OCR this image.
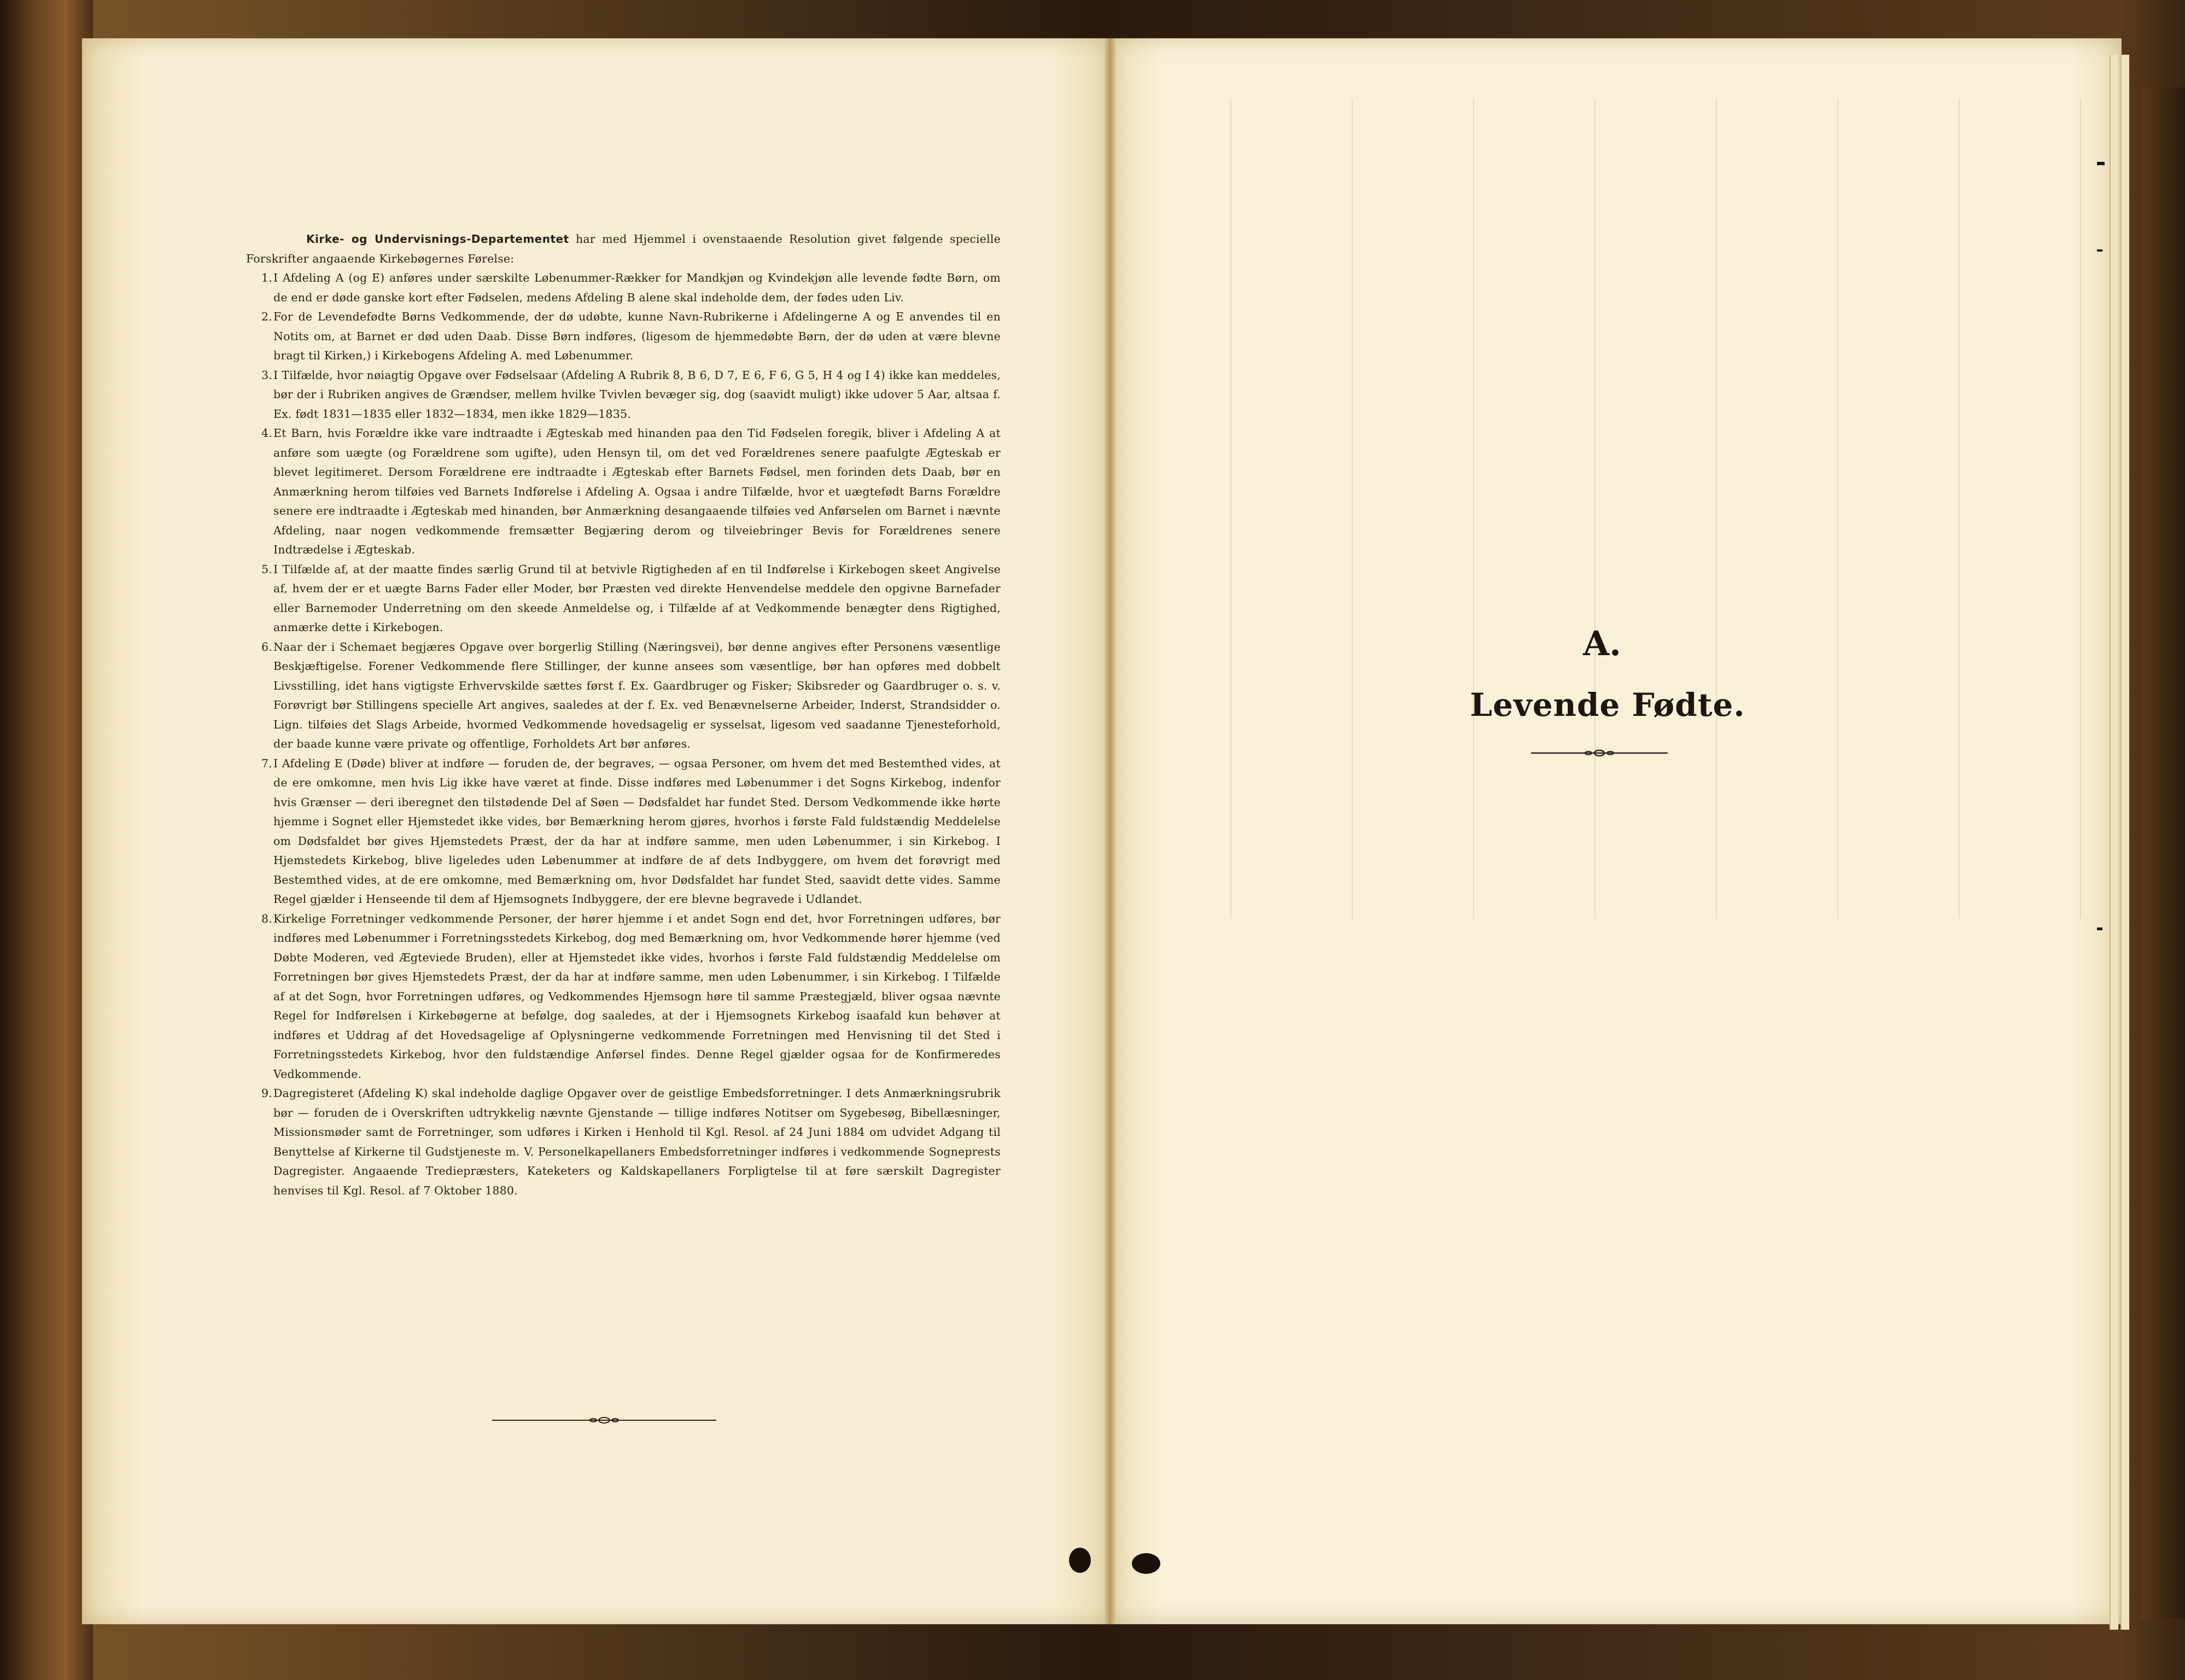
Kirke- og Undervisnings-Departementet har med Hjemmel i ovenstaaende Resolution givet følgende specielle Forskrifter angaaende Kirkebøgernes Førelse:

1. I Afdeling A (og E) anføres under særskilte Løbenummer-Rækker for Mandkjøn og Kvindekjøn alle levende fødte Børn, om de end er døde ganske kort efter Fødselen, medens Afdeling B alene skal indeholde dem, der fødes uden Liv.

2. For de Levendefødte Børns Vedkommende, der dø udøbte, kunne Navn-Rubrikerne i Afdelingerne A og E anvendes til en Notits om, at Barnet er død uden Daab. Disse Børn indføres, (ligesom de hjemmedøbte Børn, der dø uden at være blevne bragt til Kirken,) i Kirkebogens Afdeling A. med Løbenummer.

3. I Tilfælde, hvor nøiagtig Opgave over Fødselsaar (Afdeling A Rubrik 8, B 6, D 7, E 6, F 6, G 5, H 4 og I 4) ikke kan meddeles, bør der i Rubriken angives de Grændser, mellem hvilke Tvivlen bevæger sig, dog (saavidt muligt) ikke udover 5 Aar, altsaa f. Ex. født 1831—1835 eller 1832—1834, men ikke 1829—1835.

4. Et Barn, hvis Forældre ikke vare indtraadte i Ægteskab med hinanden paa den Tid Fødselen foregik, bliver i Afdeling A at anføre som uægte (og Forældrene som ugifte), uden Hensyn til, om det ved Forældrenes senere paafulgte Ægteskab er blevet legitimeret. Dersom Forældrene ere indtraadte i Ægteskab efter Barnets Fødsel, men forinden dets Daab, bør en Anmærkning herom tilføies ved Barnets Indførelse i Afdeling A. Ogsaa i andre Tilfælde, hvor et uægtefødt Barns Forældre senere ere indtraadte i Ægteskab med hinanden, bør Anmærkning desangaaende tilføies ved Anførselen om Barnet i nævnte Afdeling, naar nogen vedkommende fremsætter Begjæring derom og tilveiebringer Bevis for Forældrenes senere Indtrædelse i Ægteskab.

5. I Tilfælde af, at der maatte findes særlig Grund til at betvivle Rigtigheden af en til Indførelse i Kirkebogen skeet Angivelse af, hvem der er et uægte Barns Fader eller Moder, bør Præsten ved direkte Henvendelse meddele den opgivne Barnefader eller Barnemoder Underretning om den skeede Anmeldelse og, i Tilfælde af at Vedkommende benægter dens Rigtighed, anmærke dette i Kirkebogen.

6. Naar der i Schemaet begjæres Opgave over borgerlig Stilling (Næringsvei), bør denne angives efter Personens væsentlige Beskjæftigelse. Forener Vedkommende flere Stillinger, der kunne ansees som væsentlige, bør han opføres med dobbelt Livsstilling, idet hans vigtigste Erhvervskilde sættes først f. Ex. Gaardbruger og Fisker; Skibsreder og Gaardbruger o. s. v. Forøvrigt bør Stillingens specielle Art angives, saaledes at der f. Ex. ved Benævnelserne Arbeider, Inderst, Strandsidder o. Lign. tilføies det Slags Arbeide, hvormed Vedkommende hovedsagelig er sysselsat, ligesom ved saadanne Tjenesteforhold, der baade kunne være private og offentlige, Forholdets Art bør anføres.

7. I Afdeling E (Døde) bliver at indføre — foruden de, der begraves, — ogsaa Personer, om hvem det med Bestemthed vides, at de ere omkomne, men hvis Lig ikke have været at finde. Disse indføres med Løbenummer i det Sogns Kirkebog, indenfor hvis Grænser — deri iberegnet den tilstødende Del af Søen — Dødsfaldet har fundet Sted. Dersom Vedkommende ikke hørte hjemme i Sognet eller Hjemstedet ikke vides, bør Bemærkning herom gjøres, hvorhos i første Fald fuldstændig Meddelelse om Dødsfaldet bør gives Hjemstedets Præst, der da har at indføre samme, men uden Løbenummer, i sin Kirkebog. I Hjemstedets Kirkebog, blive ligeledes uden Løbenummer at indføre de af dets Indbyggere, om hvem det forøvrigt med Bestemthed vides, at de ere omkomne, med Bemærkning om, hvor Dødsfaldet har fundet Sted, saavidt dette vides. Samme Regel gjælder i Henseende til dem af Hjemsognets Indbyggere, der ere blevne begravede i Udlandet.

8. Kirkelige Forretninger vedkommende Personer, der hører hjemme i et andet Sogn end det, hvor Forretningen udføres, bør indføres med Løbenummer i Forretningsstedets Kirkebog, dog med Bemærkning om, hvor Vedkommende hører hjemme (ved Døbte Moderen, ved Ægteviede Bruden), eller at Hjemstedet ikke vides, hvorhos i første Fald fuldstændig Meddelelse om Forretningen bør gives Hjemstedets Præst, der da har at indføre samme, men uden Løbenummer, i sin Kirkebog. I Tilfælde af at det Sogn, hvor Forretningen udføres, og Vedkommendes Hjemsogn høre til samme Præstegjæld, bliver ogsaa nævnte Regel for Indførelsen i Kirkebøgerne at befølge, dog saaledes, at der i Hjemsognets Kirkebog isaafald kun behøver at indføres et Uddrag af det Hovedsagelige af Oplysningerne vedkommende Forretningen med Henvisning til det Sted i Forretningsstedets Kirkebog, hvor den fuldstændige Anførsel findes. Denne Regel gjælder ogsaa for de Konfirmeredes Vedkommende.

9. Dagregisteret (Afdeling K) skal indeholde daglige Opgaver over de geistlige Embedsforretninger. I dets Anmærkningsrubrik bør — foruden de i Overskriften udtrykkelig nævnte Gjenstande — tillige indføres Notitser om Sygebesøg, Bibellæsninger, Missionsmøder samt de Forretninger, som udføres i Kirken i Henhold til Kgl. Resol. af 24 Juni 1884 om udvidet Adgang til Benyttelse af Kirkerne til Gudstjeneste m. V. Personelkapellaners Embedsforretninger indføres i vedkommende Sogneprests Dagregister. Angaaende Trediepræsters, Kateketers og Kaldskapellaners Forpligtelse til at føre særskilt Dagregister henvises til Kgl. Resol. af 7 Oktober 1880.

A.
Levende Fødte.
